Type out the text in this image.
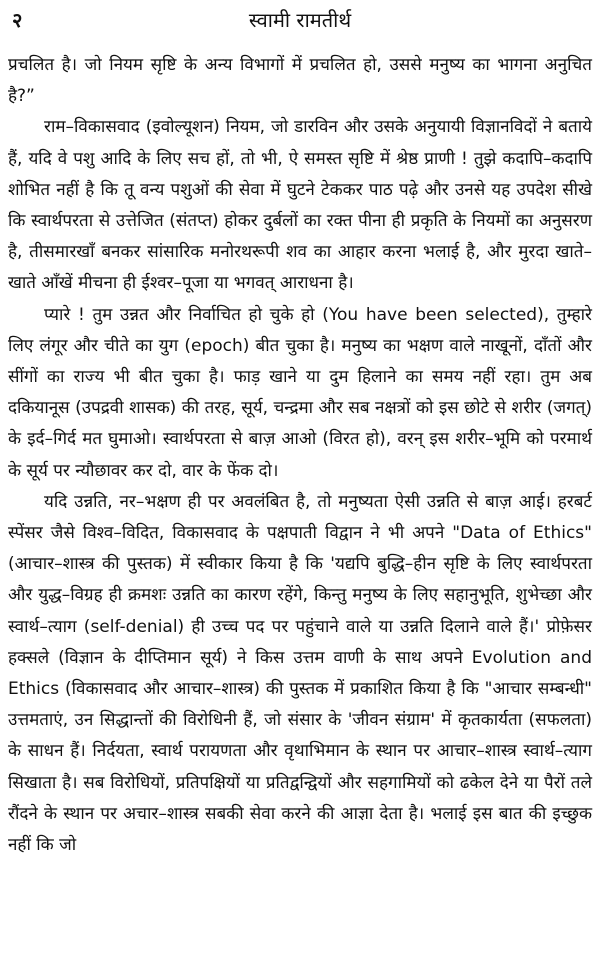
२	स्वामी रामतीर्थ

प्रचलित है। जो नियम सृष्टि के अन्य विभागों में प्रचलित हो, उससे मनुष्य का भागना अनुचित है?”

राम–विकासवाद (इवोल्यूशन) नियम, जो डारविन और उसके अनुयायी विज्ञानविदों ने बताये हैं, यदि वे पशु आदि के लिए सच हों, तो भी, ऐ समस्त सृष्टि में श्रेष्ठ प्राणी ! तुझे कदापि–कदापि शोभित नहीं है कि तू वन्य पशुओं की सेवा में घुटने टेककर पाठ पढ़े और उनसे यह उपदेश सीखे कि स्वार्थपरता से उत्तेजित (संतप्त) होकर दुर्बलों का रक्त पीना ही प्रकृति के नियमों का अनुसरण है, तीसमारखाँ बनकर सांसारिक मनोरथरूपी शव का आहार करना भलाई है, और मुरदा खाते–खाते आँखें मीचना ही ईश्वर–पूजा या भगवत् आराधना है।

प्यारे ! तुम उन्नत और निर्वाचित हो चुके हो (You have been selected), तुम्हारे लिए लंगूर और चीते का युग (epoch) बीत चुका है। मनुष्य का भक्षण वाले नाखूनों, दाँतों और सींगों का राज्य भी बीत चुका है। फाड़ खाने या दुम हिलाने का समय नहीं रहा। तुम अब दकियानूस (उपद्रवी शासक) की तरह, सूर्य, चन्द्रमा और सब नक्षत्रों को इस छोटे से शरीर (जगत्) के इर्द–गिर्द मत घुमाओ। स्वार्थपरता से बाज़ आओ (विरत हो), वरन् इस शरीर–भूमि को परमार्थ के सूर्य पर न्यौछावर कर दो, वार के फेंक दो।

यदि उन्नति, नर–भक्षण ही पर अवलंबित है, तो मनुष्यता ऐसी उन्नति से बाज़ आई। हरबर्ट स्पेंसर जैसे विश्व–विदित, विकासवाद के पक्षपाती विद्वान ने भी अपने "Data of Ethics" (आचार–शास्त्र की पुस्तक) में स्वीकार किया है कि 'यद्यपि बुद्धि–हीन सृष्टि के लिए स्वार्थपरता और युद्ध–विग्रह ही क्रमशः उन्नति का कारण रहेंगे, किन्तु मनुष्य के लिए सहानुभूति, शुभेच्छा और स्वार्थ–त्याग (self-denial) ही उच्च पद पर पहुंचाने वाले या उन्नति दिलाने वाले हैं।' प्रोफ़ेसर हक्सले (विज्ञान के दीप्तिमान सूर्य) ने किस उत्तम वाणी के साथ अपने Evolution and Ethics (विकासवाद और आचार–शास्त्र) की पुस्तक में प्रकाशित किया है कि "आचार सम्बन्धी" उत्तमताएं, उन सिद्धान्तों की विरोधिनी हैं, जो संसार के 'जीवन संग्राम' में कृतकार्यता (सफलता) के साधन हैं। निर्दयता, स्वार्थ परायणता और वृथाभिमान के स्थान पर आचार–शास्त्र स्वार्थ–त्याग सिखाता है। सब विरोधियों, प्रतिपक्षियों या प्रतिद्वन्द्वियों और सहगामियों को ढकेल देने या पैरों तले रौंदने के स्थान पर अचार–शास्त्र सबकी सेवा करने की आज्ञा देता है। भलाई इस बात की इच्छुक नहीं कि जो
